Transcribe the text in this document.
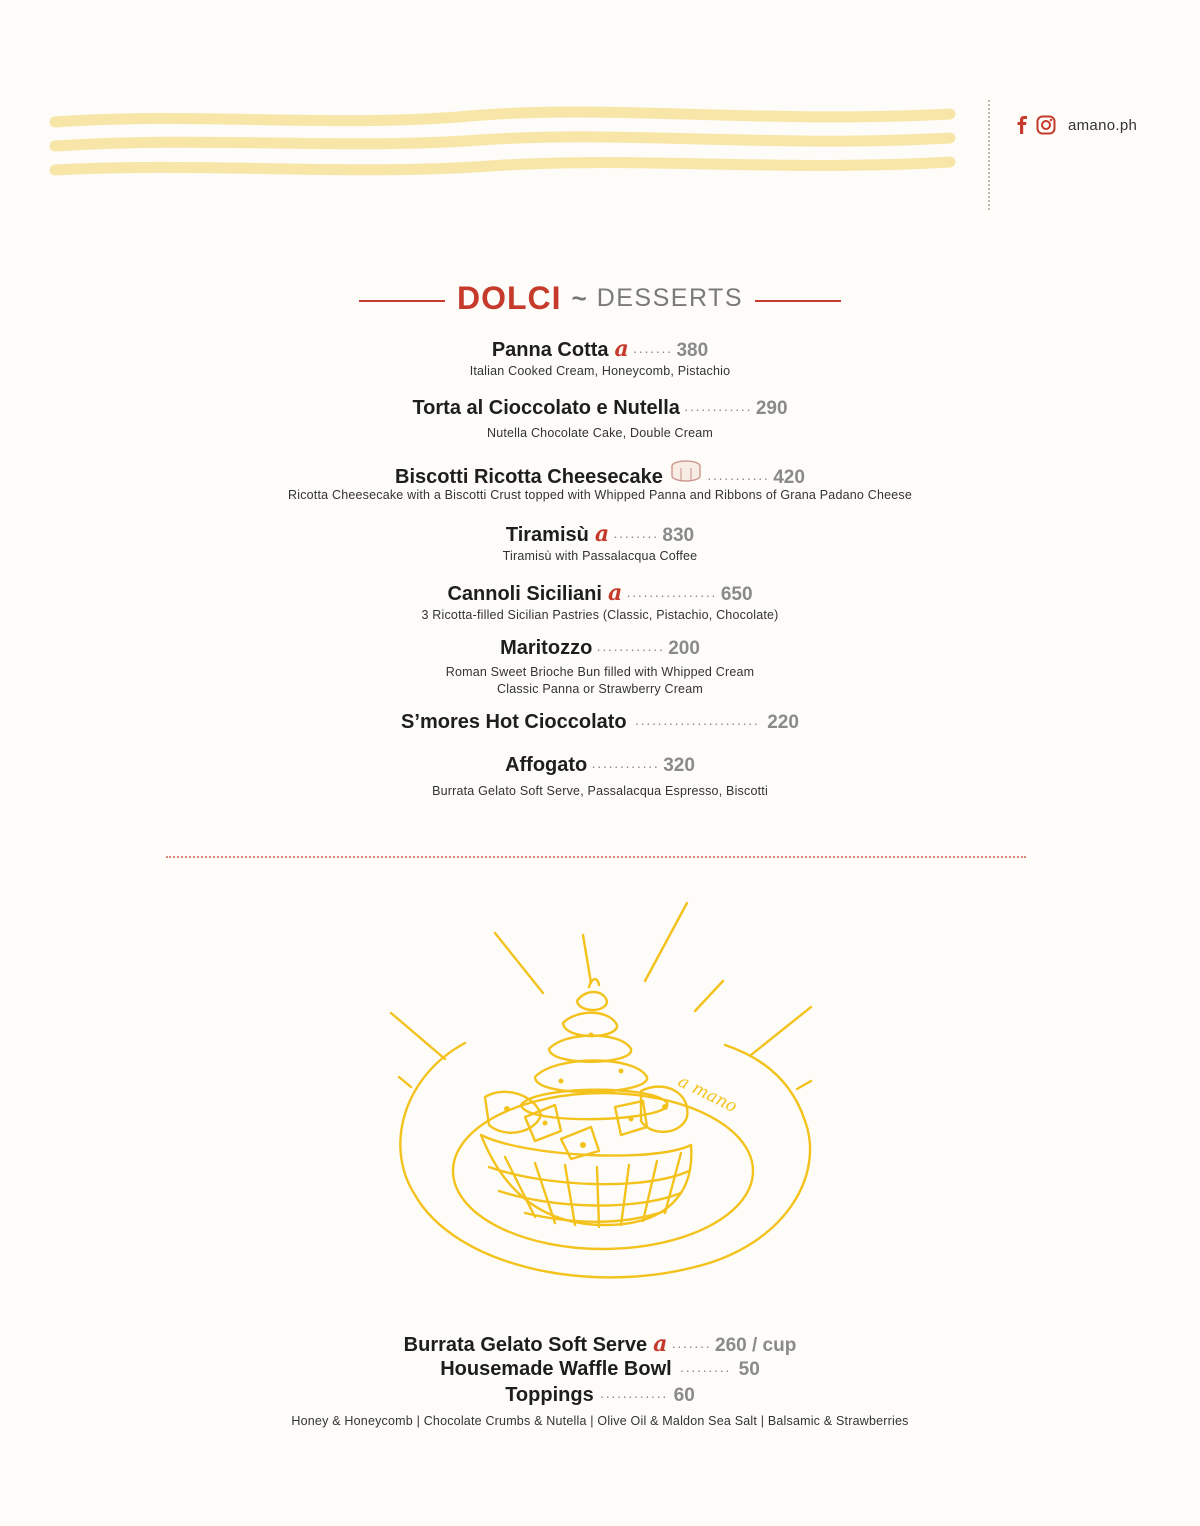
amano.ph
DOLCI ~ DESSERTS
Panna Cotta a ······· 380
Italian Cooked Cream, Honeycomb, Pistachio
Torta al Cioccolato e Nutella ············ 290
Nutella Chocolate Cake, Double Cream
Biscotti Ricotta Cheesecake	··········· 420
Ricotta Cheesecake with a Biscotti Crust topped with Whipped Panna and Ribbons of Grana Padano Cheese
Tiramisù a ········ 830
Tiramisù with Passalacqua Coffee
Cannoli Siciliani a ················ 650
3 Ricotta-filled Sicilian Pastries (Classic, Pistachio, Chocolate)
Maritozzo ············ 200
Roman Sweet Brioche Bun filled with Whipped Cream
Classic Panna or Strawberry Cream
S’mores Hot Cioccolato ······················ 220
Affogato ············ 320
Burrata Gelato Soft Serve, Passalacqua Espresso, Biscotti
a mano
Burrata Gelato Soft Serve a ······· 260 / cup
Housemade Waffle Bowl ········· 50
Toppings ············ 60
Honey & Honeycomb | Chocolate Crumbs & Nutella | Olive Oil & Maldon Sea Salt | Balsamic & Strawberries
